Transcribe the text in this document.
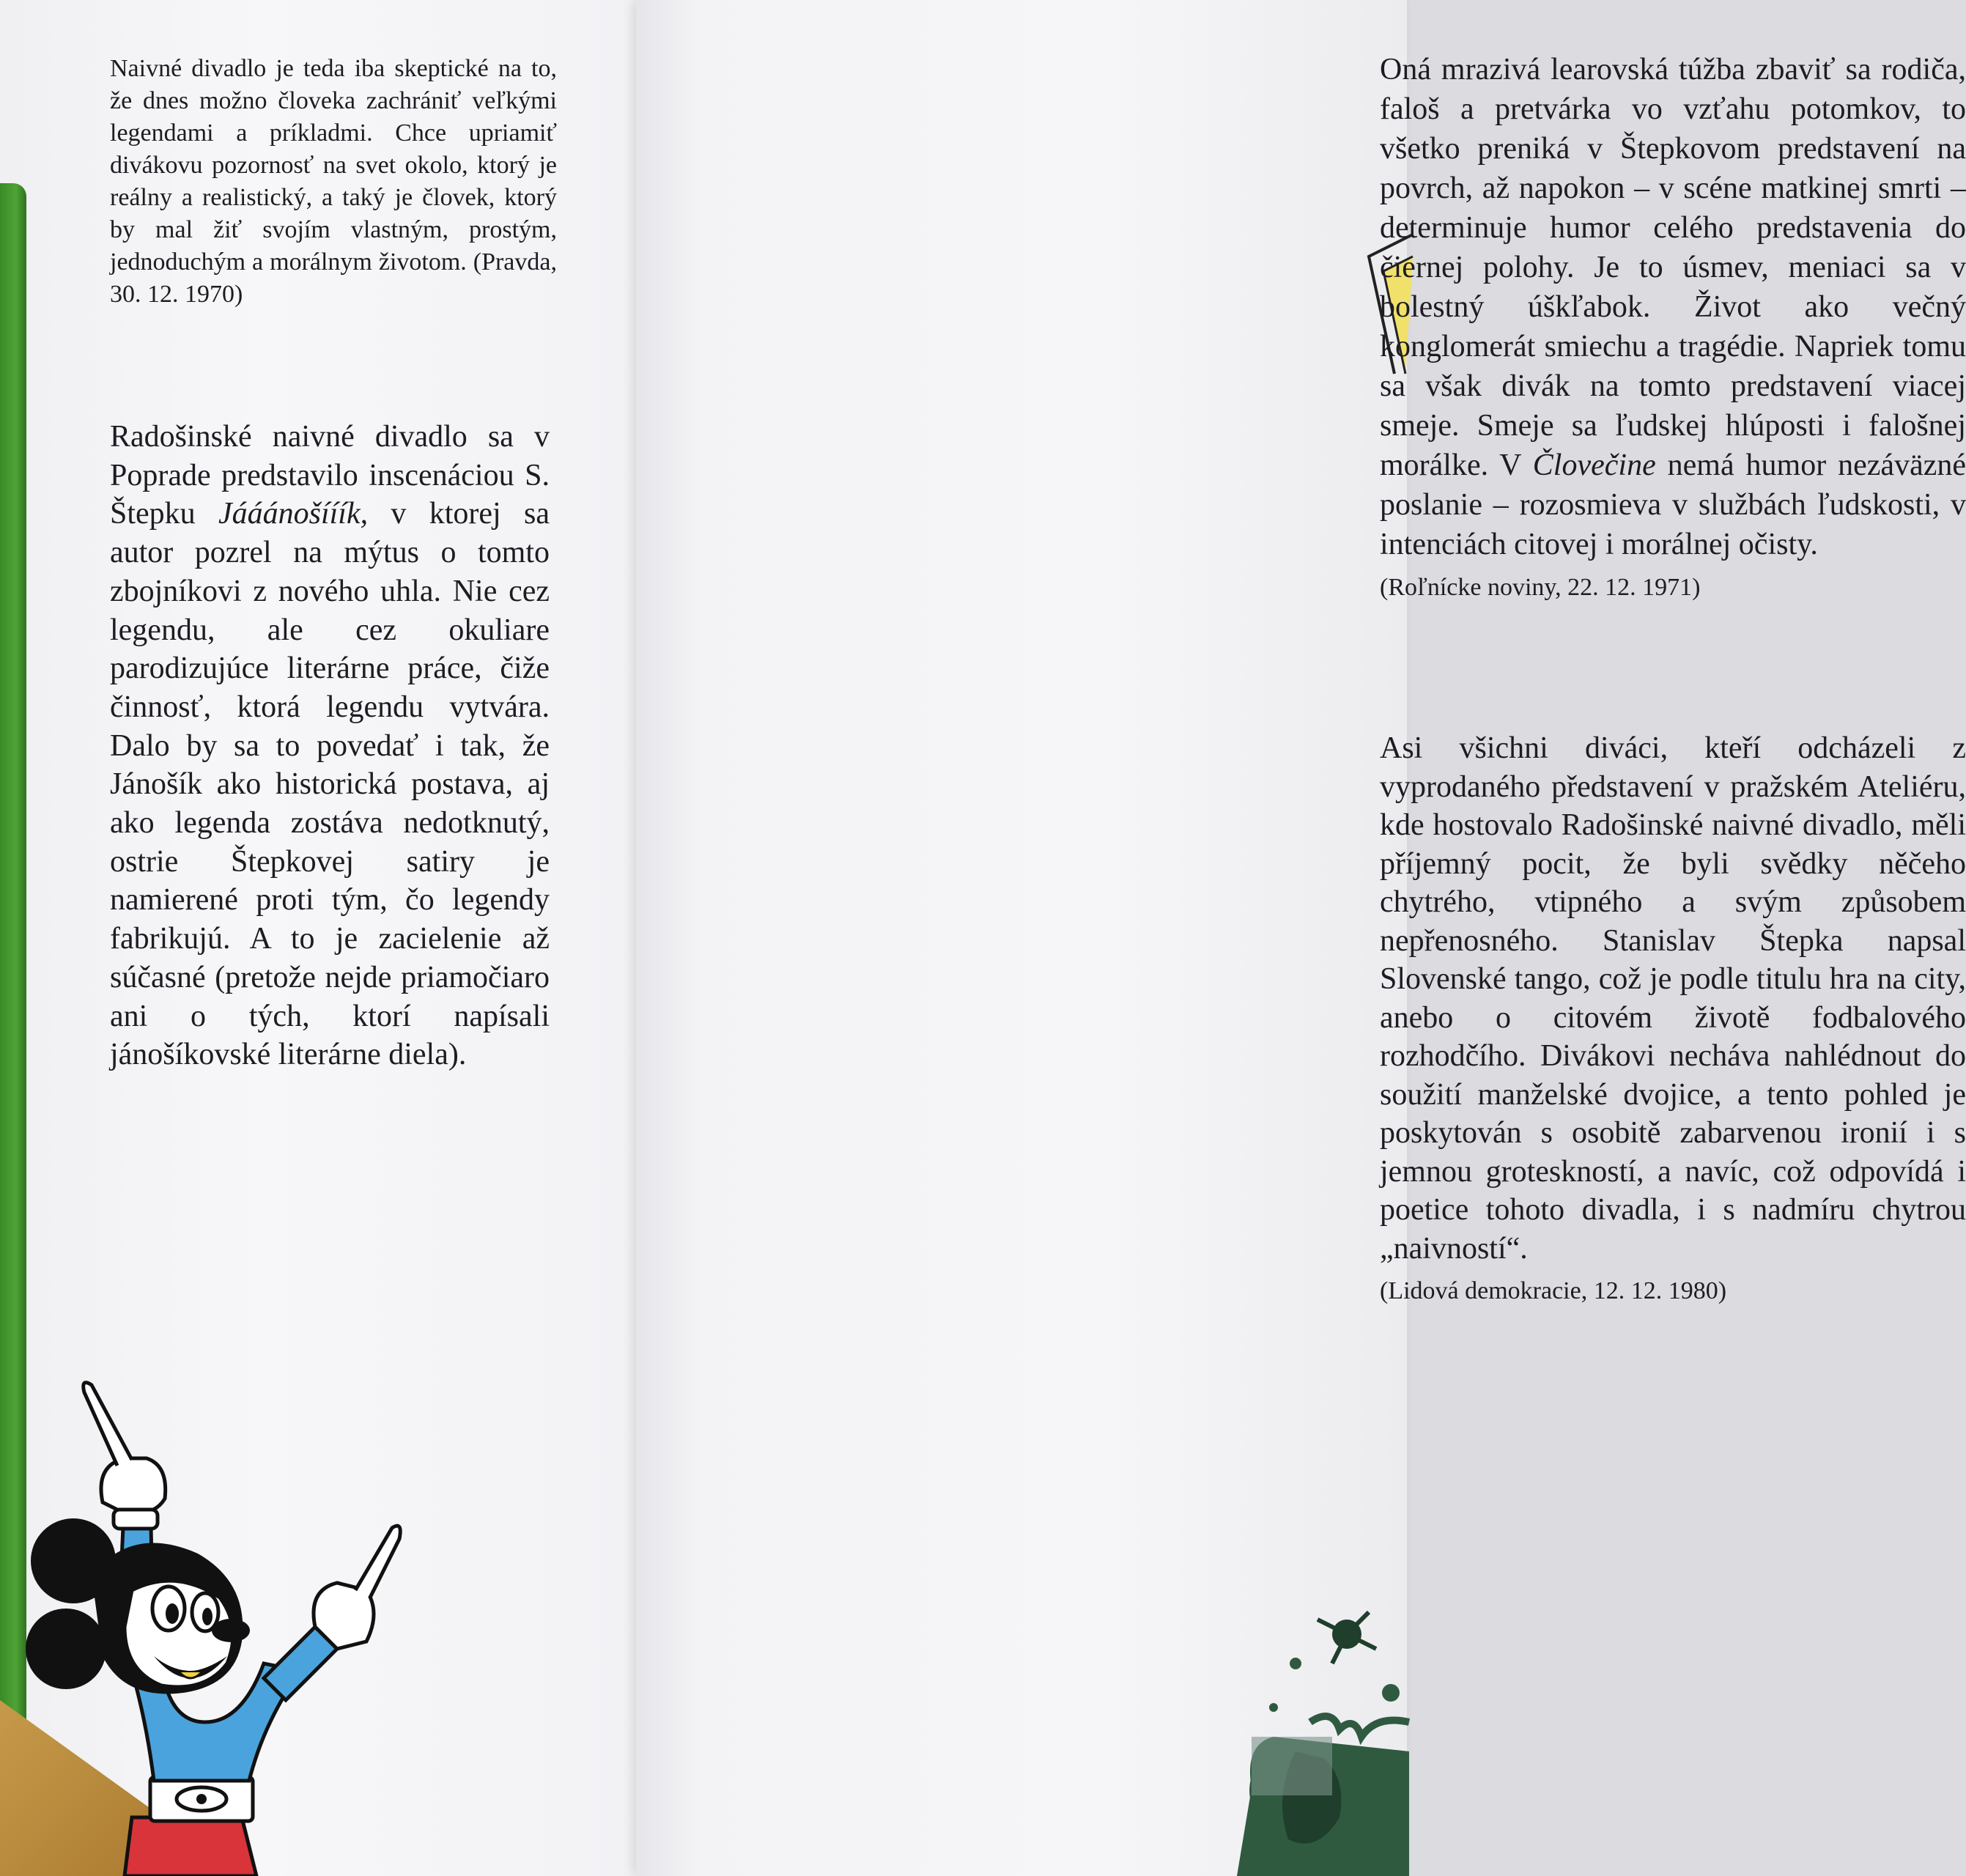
Naivné divadlo je teda iba skeptické na to, že dnes možno človeka zachrániť veľkými legendami a príkladmi. Chce upriamiť divákovu pozornosť na svet okolo, ktorý je reálny a realistický, a taký je človek, ktorý by mal žiť svojím vlastným, prostým, jednoduchým a morálnym životom. (Pravda, 30. 12. 1970)

Radošinské naivné divadlo sa v Poprade predstavilo inscenáciou S. Štepku Jááánošííík, v ktorej sa autor pozrel na mýtus o tomto zbojníkovi z nového uhla. Nie cez legendu, ale cez okuliare parodizujúce literárne práce, čiže činnosť, ktorá legendu vytvára. Dalo by sa to povedať i tak, že Jánošík ako historická postava, aj ako legenda zostáva nedotknutý, ostrie Štepkovej satiry je namierené proti tým, čo legendy fabrikujú. A to je zacielenie až súčasné (pretože nejde priamočiaro ani o tých, ktorí napísali jánošíkovské literárne diela).

Oná mrazivá learovská túžba zbaviť sa rodiča, faloš a pretvárka vo vzťahu potomkov, to všetko preniká v Štepkovom predstavení na povrch, až napokon – v scéne matkinej smrti – determinuje humor celého predstavenia do čiernej polohy. Je to úsmev, meniaci sa v bolestný úškľabok. Život ako večný konglomerát smiechu a tragédie. Napriek tomu sa však divák na tomto predstavení viacej smeje. Smeje sa ľudskej hlúposti i falošnej morálke. V Človečine nemá humor nezáväzné poslanie – rozosmieva v službách ľudskosti, v intenciách citovej i morálnej očisty.

(Roľnícke noviny, 22. 12. 1971)

Asi všichni diváci, kteří odcházeli z vyprodaného představení v pražském Ateliéru, kde hostovalo Radošinské naivné divadlo, měli příjemný pocit, že byli svědky něčeho chytrého, vtipného a svým způsobem nepřenosného. Stanislav Štepka napsal Slovenské tango, což je podle titulu hra na city, anebo o citovém životě fodbalového rozhodčího. Divákovi necháva nahlédnout do soužití manželské dvojice, a tento pohled je poskytován s osobitě zabarvenou ironií i s jemnou groteskností, a navíc, což odpovídá i poetice tohoto divadla, i s nadmíru chytrou „naivností“.

(Lidová demokracie, 12. 12. 1980)
